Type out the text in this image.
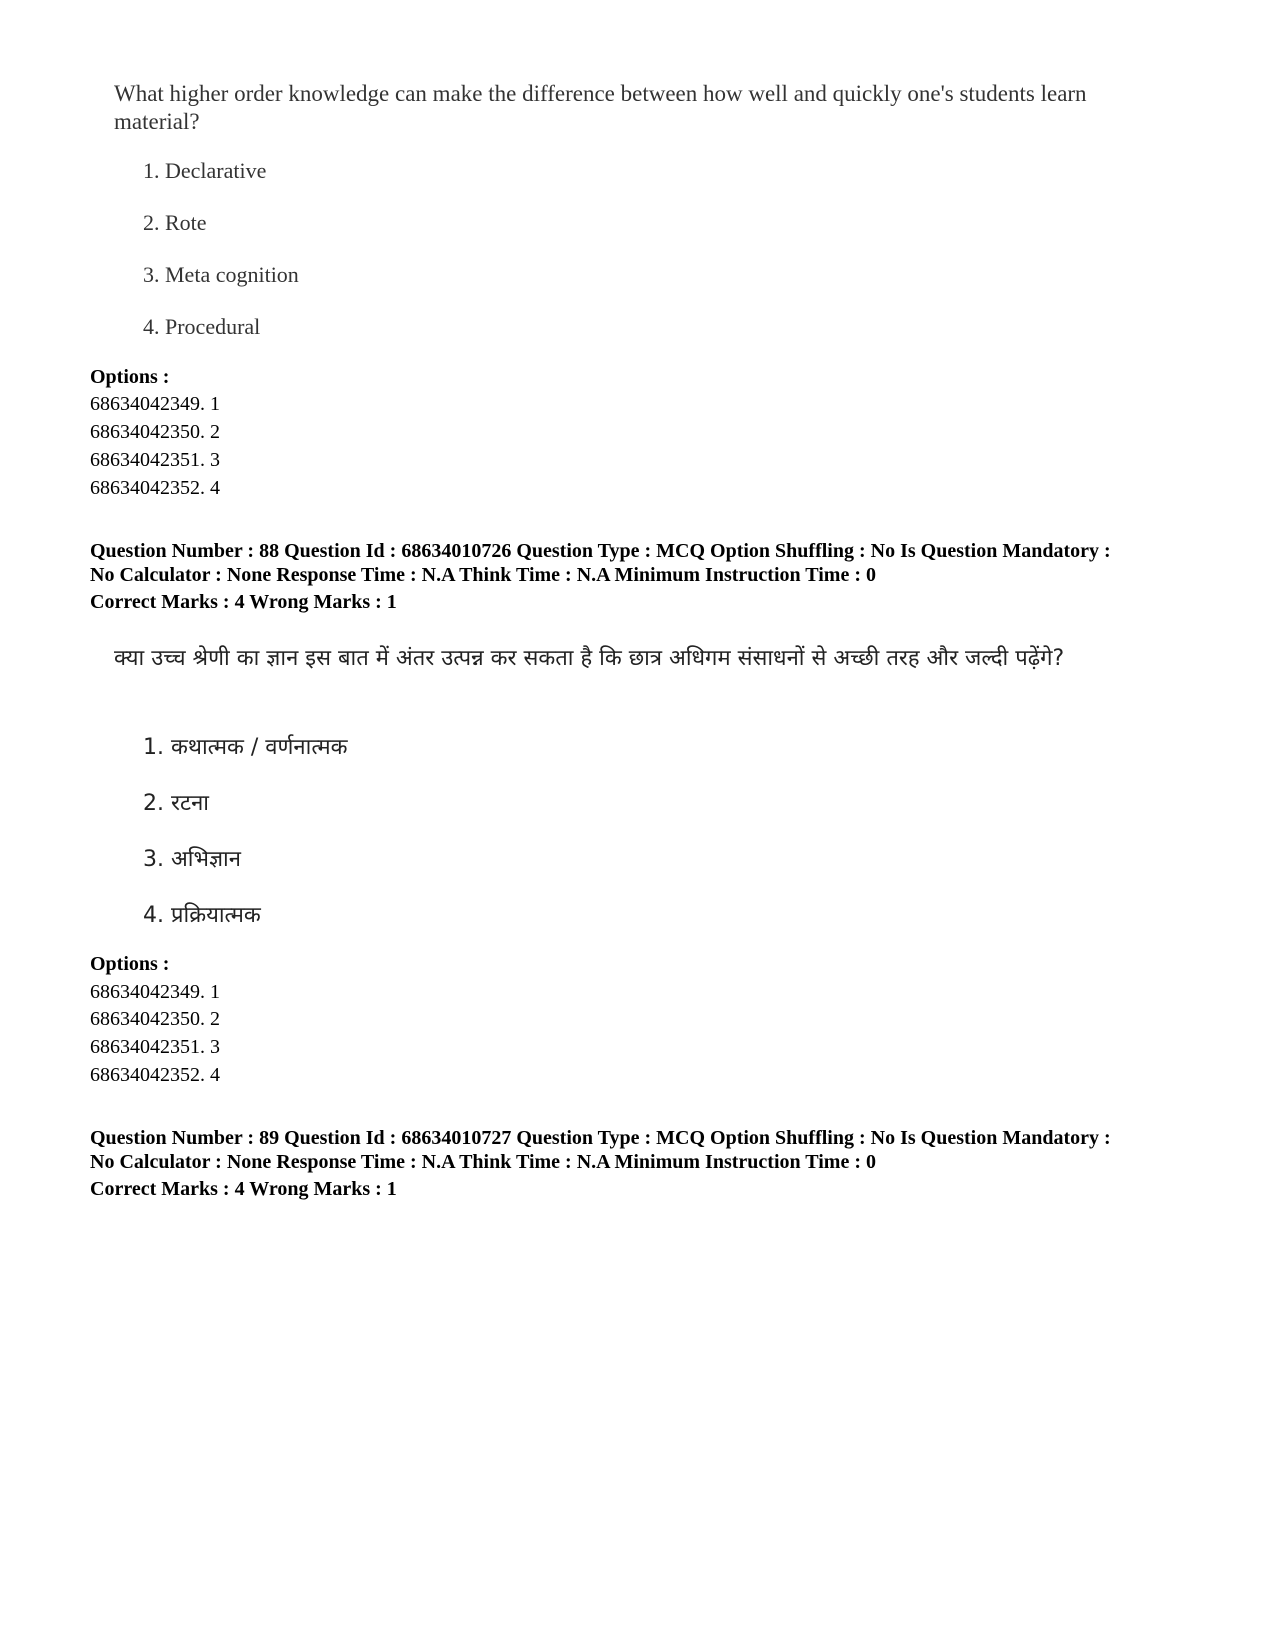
What higher order knowledge can make the difference between how well and quickly one's students learn material?
1. Declarative
2. Rote
3. Meta cognition
4. Procedural
Options :
68634042349. 1
68634042350. 2
68634042351. 3
68634042352. 4
Question Number : 88 Question Id : 68634010726 Question Type : MCQ Option Shuffling : No Is Question Mandatory :
No Calculator : None Response Time : N.A Think Time : N.A Minimum Instruction Time : 0
Correct Marks : 4 Wrong Marks : 1
क्या उच्च श्रेणी का ज्ञान इस बात में अंतर उत्पन्न कर सकता है कि छात्र अधिगम संसाधनों से अच्छी तरह और जल्दी पढ़ेंगे?
1. कथात्मक / वर्णनात्मक
2. रटना
3. अभिज्ञान
4. प्रक्रियात्मक
Options :
68634042349. 1
68634042350. 2
68634042351. 3
68634042352. 4
Question Number : 89 Question Id : 68634010727 Question Type : MCQ Option Shuffling : No Is Question Mandatory :
No Calculator : None Response Time : N.A Think Time : N.A Minimum Instruction Time : 0
Correct Marks : 4 Wrong Marks : 1
